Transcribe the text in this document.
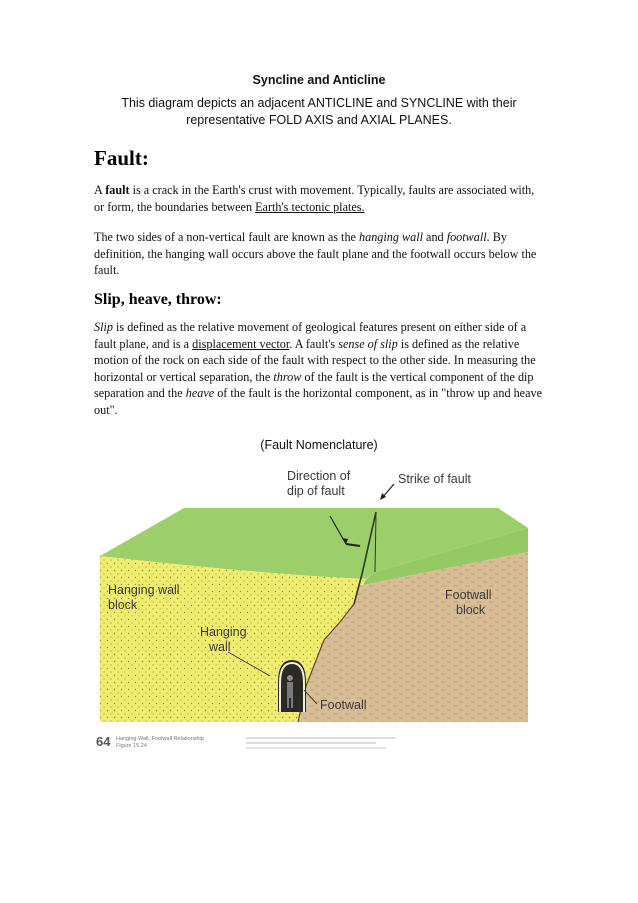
Syncline and Anticline
This diagram depicts an adjacent ANTICLINE and SYNCLINE with their
representative FOLD AXIS and AXIAL PLANES.
Fault:

A fault is a crack in the Earth's crust with movement. Typically, faults are associated with, or form, the boundaries between Earth's tectonic plates.

The two sides of a non-vertical fault are known as the hanging wall and footwall. By definition, the hanging wall occurs above the fault plane and the footwall occurs below the fault.

Slip, heave, throw:

Slip is defined as the relative movement of geological features present on either side of a fault plane, and is a displacement vector. A fault's sense of slip is defined as the relative motion of the rock on each side of the fault with respect to the other side. In measuring the horizontal or vertical separation, the throw of the fault is the vertical component of the dip separation and the heave of the fault is the horizontal component, as in "throw up and heave out".

(Fault Nomenclature)
Direction of
dip of fault
Strike of fault
Hanging wall
block
Footwall
block
Hanging
wall
Footwall
64 Hanging Wall, Footwall Relationship
Figure 15.24
